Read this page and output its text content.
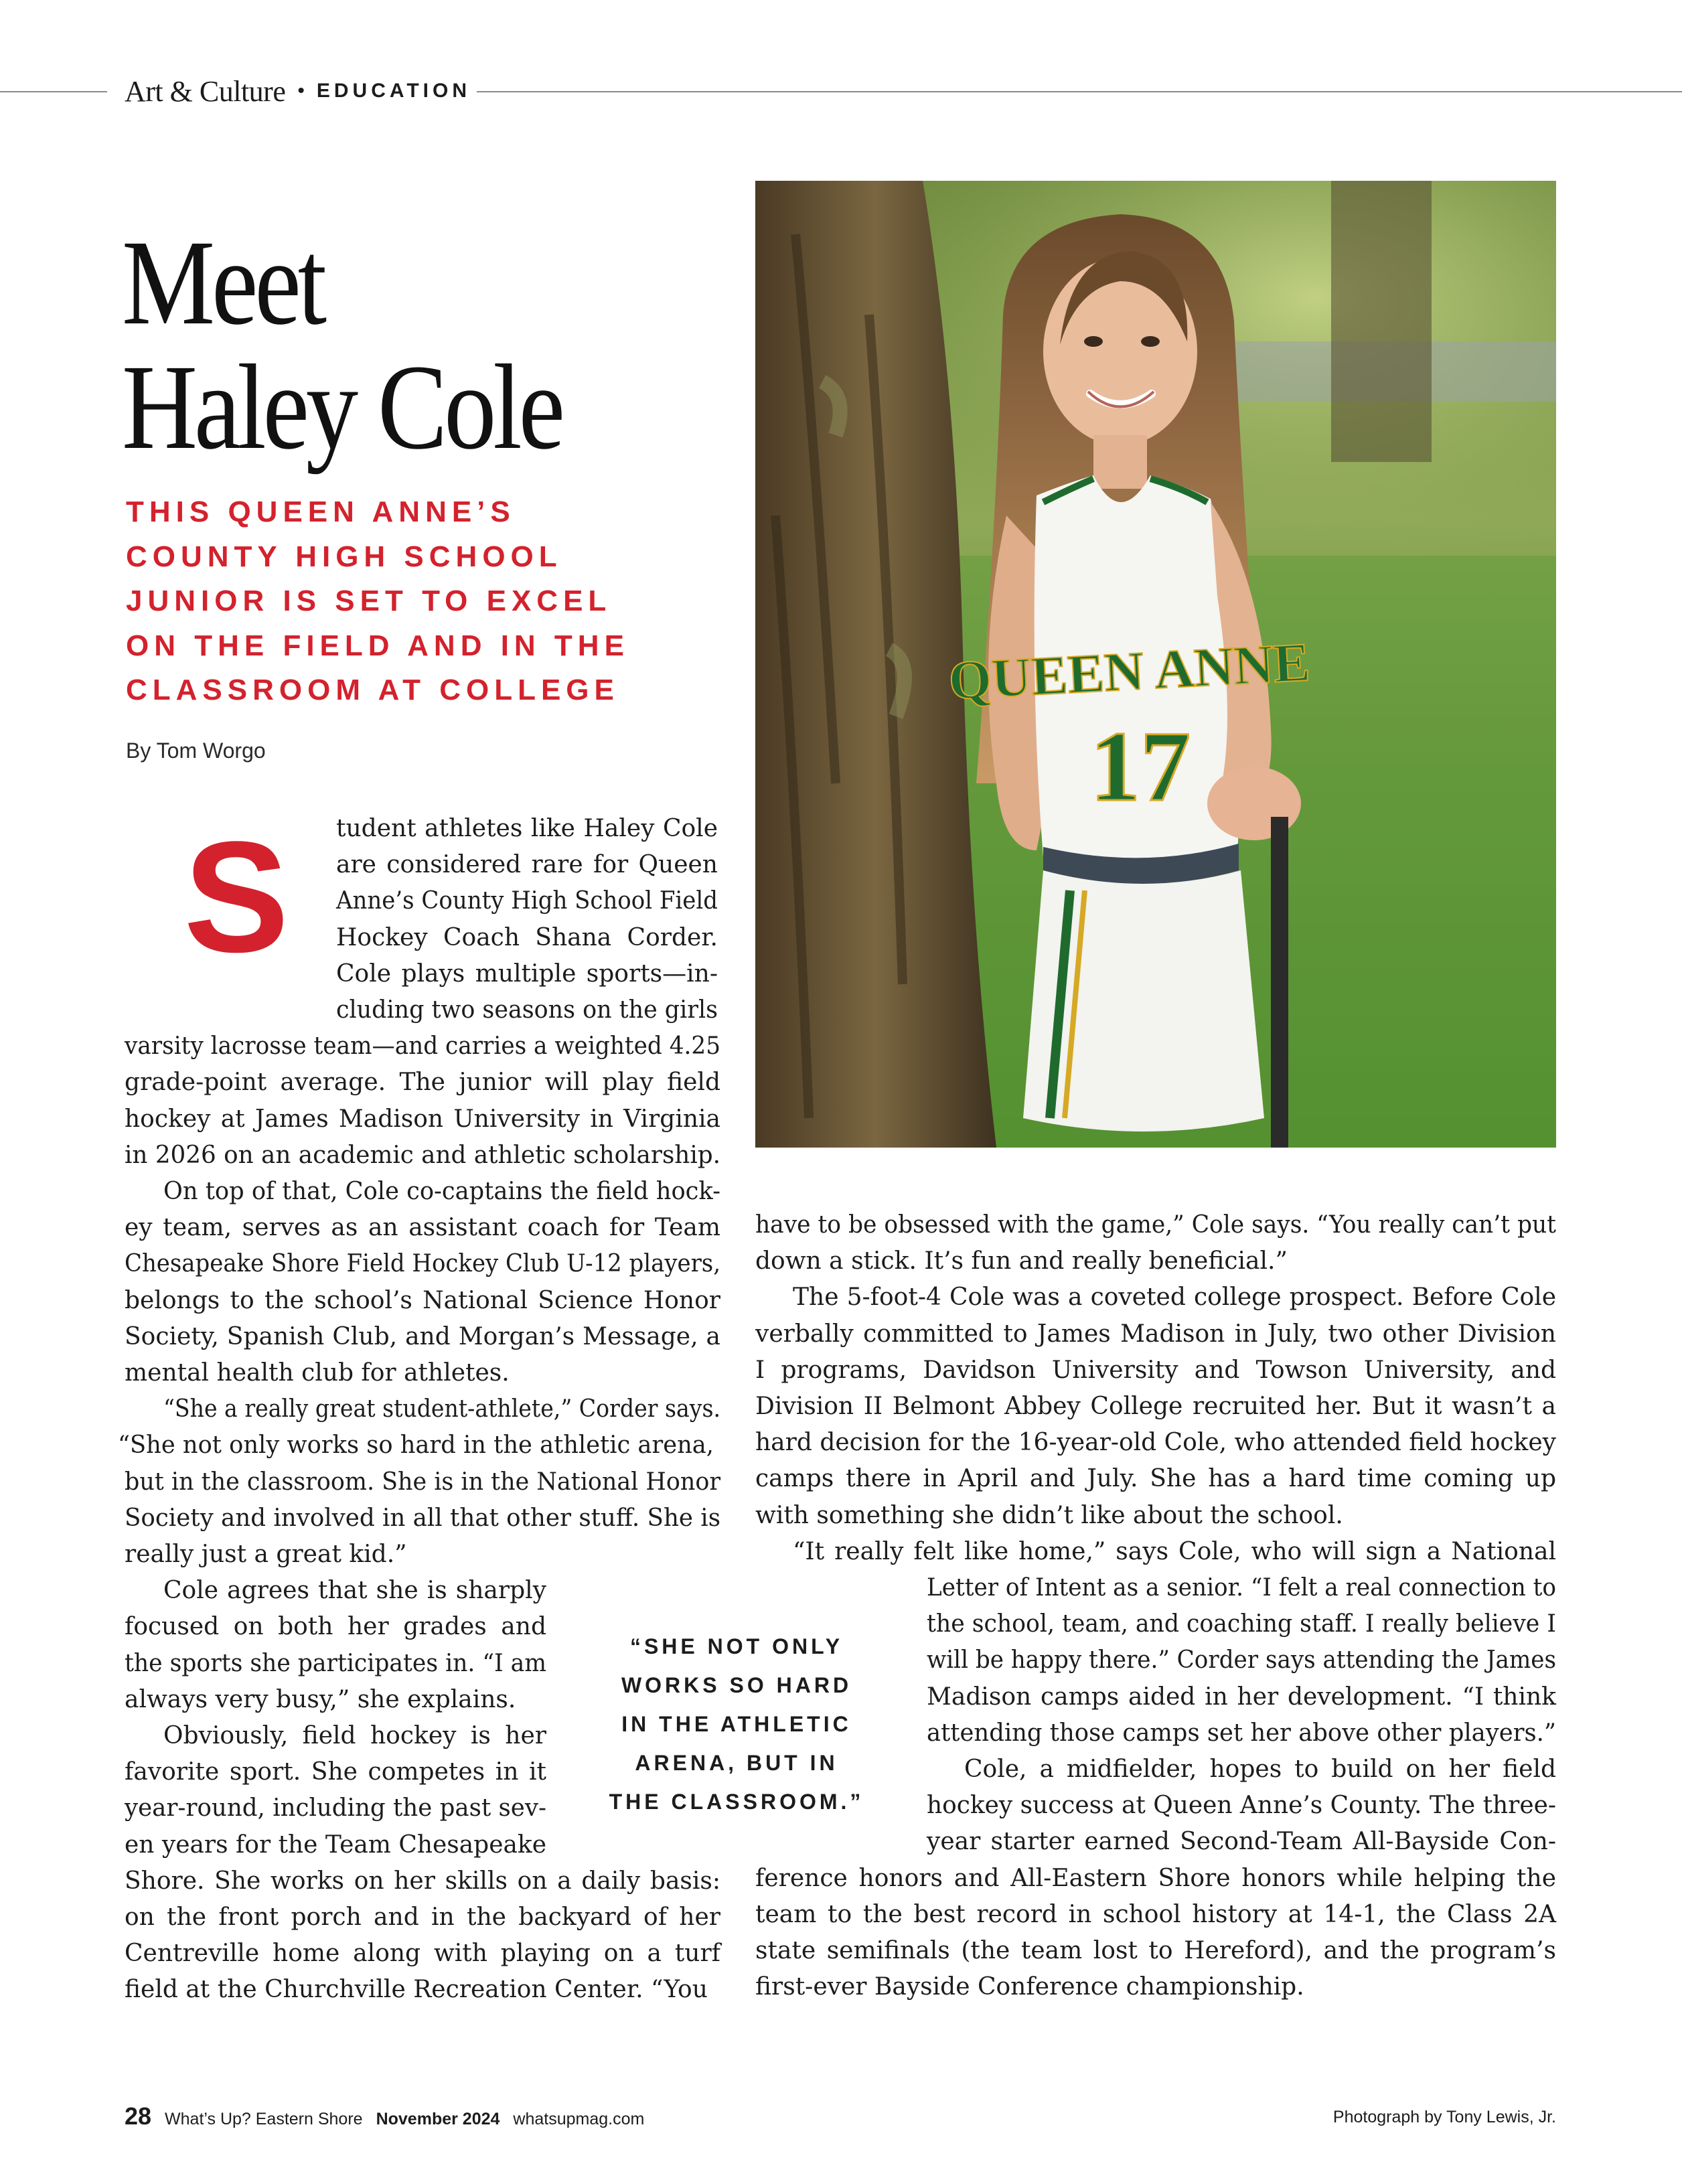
Art & Culture • EDUCATION
Meet
Haley Cole
THIS QUEEN ANNE’S
COUNTY HIGH SCHOOL
JUNIOR IS SET TO EXCEL
ON THE FIELD AND IN THE
CLASSROOM AT COLLEGE
By Tom Worgo
S tudent athletes like Haley Cole
are considered rare for Queen
Anne’s County High School Field
Hockey Coach Shana Corder.
Cole plays multiple sports—in-
cluding two seasons on the girls
varsity lacrosse team—and carries a weighted 4.25
grade-point average. The junior will play field
hockey at James Madison University in Virginia
in 2026 on an academic and athletic scholarship.
On top of that, Cole co-captains the field hock-
ey team, serves as an assistant coach for Team
Chesapeake Shore Field Hockey Club U-12 players,
belongs to the school’s National Science Honor
Society, Spanish Club, and Morgan’s Message, a
mental health club for athletes.
“She a really great student-athlete,” Corder says.
“She not only works so hard in the athletic arena,
but in the classroom. She is in the National Honor
Society and involved in all that other stuff. She is
really just a great kid.”
Cole agrees that she is sharply
focused on both her grades and
the sports she participates in. “I am
always very busy,” she explains.
Obviously, field hockey is her
favorite sport. She competes in it
year-round, including the past sev-
en years for the Team Chesapeake
Shore. She works on her skills on a daily basis:
on the front porch and in the backyard of her
Centreville home along with playing on a turf
field at the Churchville Recreation Center. “You
have to be obsessed with the game,” Cole says. “You really can’t put
down a stick. It’s fun and really beneficial.”
The 5-foot-4 Cole was a coveted college prospect. Before Cole
verbally committed to James Madison in July, two other Division
I programs, Davidson University and Towson University, and
Division II Belmont Abbey College recruited her. But it wasn’t a
hard decision for the 16-year-old Cole, who attended field hockey
camps there in April and July. She has a hard time coming up
with something she didn’t like about the school.
“It really felt like home,” says Cole, who will sign a National
Letter of Intent as a senior. “I felt a real connection to
the school, team, and coaching staff. I really believe I
will be happy there.” Corder says attending the James
Madison camps aided in her development. “I think
attending those camps set her above other players.”
Cole, a midfielder, hopes to build on her field
hockey success at Queen Anne’s County. The three-
year starter earned Second-Team All-Bayside Con-
ference honors and All-Eastern Shore honors while helping the
team to the best record in school history at 14-1, the Class 2A
state semifinals (the team lost to Hereford), and the program’s
first-ever Bayside Conference championship.
“SHE NOT ONLY
WORKS SO HARD
IN THE ATHLETIC
ARENA, BUT IN
THE CLASSROOM.”
QUEEN ANNE
17
28 What’s Up? Eastern Shore November 2024 whatsupmag.com	Photograph by Tony Lewis, Jr.
